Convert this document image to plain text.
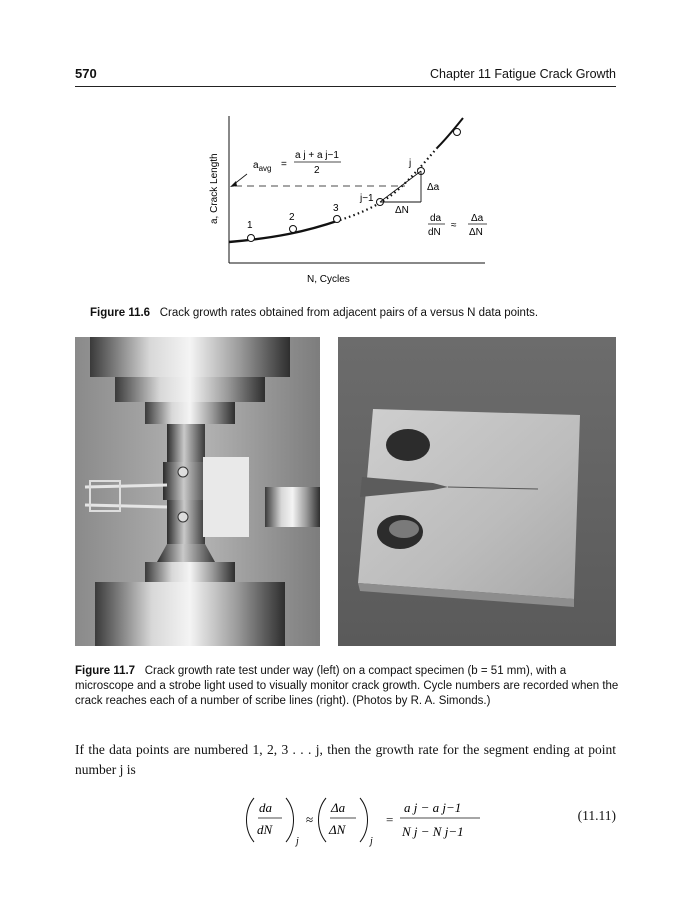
570	Chapter 11 Fatigue Crack Growth
a, Crack Length
N, Cycles
1
2
3
j−1
j
$a_{avg}$ =
a j + a j−1
2
Δa
ΔN
da
dN
≈
Δa
ΔN
Figure 11.6 Crack growth rates obtained from adjacent pairs of a versus N data points.
Figure 11.7 Crack growth rate test under way (left) on a compact specimen (b = 51 mm), with a microscope and a strobe light used to visually monitor crack growth. Cycle numbers are recorded when the crack reaches each of a number of scribe lines (right). (Photos by R. A. Simonds.)
If the data points are numbered 1, 2, 3 . . . j, then the growth rate for the segment ending at point number j is
da
dN
j
≈
Δa
ΔN
j
=
a j − a j−1
N j − N j−1
(11.11)
